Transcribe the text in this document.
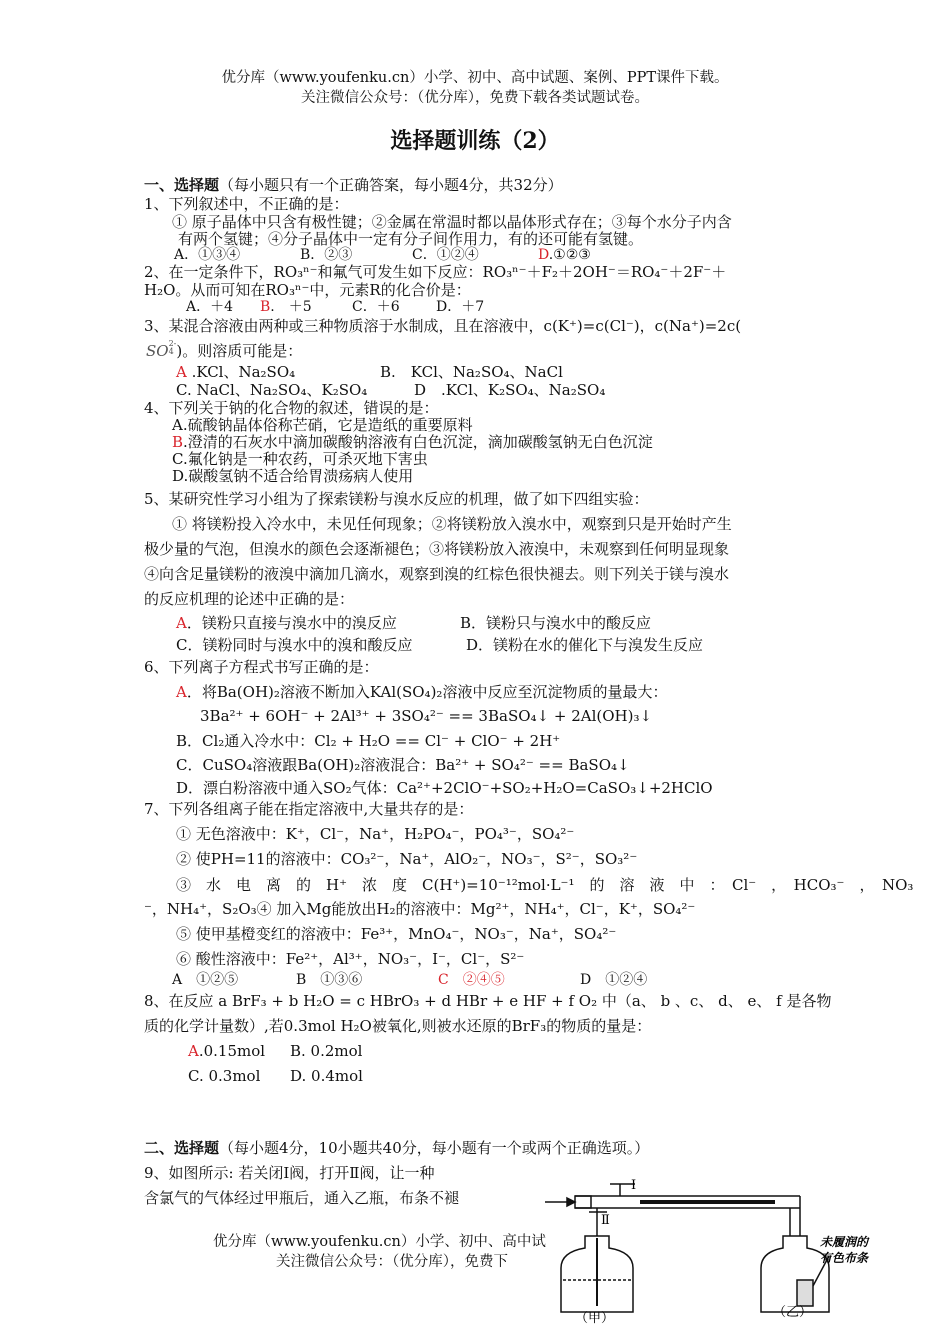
优分库（www.youfenku.cn）小学、初中、高中试题、案例、PPT课件下载。
关注微信公众号：（优分库），免费下载各类试题试卷。
选择题训练（2）
一、选择题（每小题只有一个正确答案，每小题4分，共32分）
1、下列叙述中，不正确的是：
① 原子晶体中只含有极性键；②金属在常温时都以晶体形式存在；③每个水分子内含
有两个氢键；④分子晶体中一定有分子间作用力，有的还可能有氢键。
A．①③④	B．②③	C．①②④	D.①②③
2、在一定条件下，RO₃ⁿ⁻和氟气可发生如下反应：RO₃ⁿ⁻＋F₂＋2OH⁻＝RO₄⁻＋2F⁻＋
H₂O。从而可知在RO₃ⁿ⁻中，元素R的化合价是：
A．＋4 B.　＋5	C．＋6	D．＋7
3、某混合溶液由两种或三种物质溶于水制成，且在溶液中，c(K⁺)=c(Cl⁻)，c(Na⁺)=2c(
SO2-
4 )。则溶质可能是：
A .KCl、Na₂SO₄	B.　KCl、Na₂SO₄、NaCl
C. NaCl、Na₂SO₄、K₂SO₄	D　.KCl、K₂SO₄、Na₂SO₄
4、下列关于钠的化合物的叙述，错误的是：
A.硫酸钠晶体俗称芒硝，它是造纸的重要原料
B.澄清的石灰水中滴加碳酸钠溶液有白色沉淀，滴加碳酸氢钠无白色沉淀
C.氟化钠是一种农药，可杀灭地下害虫
D.碳酸氢钠不适合给胃溃疡病人使用
5、某研究性学习小组为了探索镁粉与溴水反应的机理，做了如下四组实验：
① 将镁粉投入冷水中，未见任何现象；②将镁粉放入溴水中，观察到只是开始时产生
极少量的气泡，但溴水的颜色会逐渐褪色；③将镁粉放入液溴中，未观察到任何明显现象
④向含足量镁粉的液溴中滴加几滴水，观察到溴的红棕色很快褪去。则下列关于镁与溴水
的反应机理的论述中正确的是：
A．镁粉只直接与溴水中的溴反应	B．镁粉只与溴水中的酸反应
C．镁粉同时与溴水中的溴和酸反应	D．镁粉在水的催化下与溴发生反应
6、下列离子方程式书写正确的是：
A．将Ba(OH)₂溶液不断加入KAl(SO₄)₂溶液中反应至沉淀物质的量最大：
3Ba²⁺ + 6OH⁻ + 2Al³⁺ + 3SO₄²⁻ == 3BaSO₄↓ + 2Al(OH)₃↓
B．Cl₂通入冷水中：Cl₂ + H₂O == Cl⁻ + ClO⁻ + 2H⁺
C．CuSO₄溶液跟Ba(OH)₂溶液混合：Ba²⁺ + SO₄²⁻ == BaSO₄↓
D．漂白粉溶液中通入SO₂气体：Ca²⁺+2ClO⁻+SO₂+H₂O=CaSO₃↓+2HClO
7、下列各组离子能在指定溶液中,大量共存的是：
① 无色溶液中：K⁺，Cl⁻，Na⁺，H₂PO₄⁻，PO₄³⁻，SO₄²⁻
② 使PH=11的溶液中：CO₃²⁻，Na⁺，AlO₂⁻，NO₃⁻，S²⁻，SO₃²⁻
③　水　电　离　的　H⁺　浓　度　C(H⁺)=10⁻¹²mol·L⁻¹　的　溶　液　中　：　Cl⁻　，　HCO₃⁻　，　NO₃
⁻，NH₄⁺，S₂O₃④ 加入Mg能放出H₂的溶液中：Mg²⁺，NH₄⁺，Cl⁻，K⁺，SO₄²⁻
⑤ 使甲基橙变红的溶液中：Fe³⁺，MnO₄⁻，NO₃⁻，Na⁺，SO₄²⁻
⑥ 酸性溶液中：Fe²⁺，Al³⁺，NO₃⁻，I⁻，Cl⁻，S²⁻
A　①②⑤	B　①③⑥	C　②④⑤	D　①②④
8、在反应 a BrF₃ + b H₂O = c HBrO₃ + d HBr + e HF + f O₂ 中（a、 b 、c、 d、 e、 f 是各物
质的化学计量数）,若0.3mol H₂O被氧化,则被水还原的BrF₃的物质的量是：
A.0.15mol B. 0.2mol
C. 0.3mol D. 0.4mol
二、选择题（每小题4分，10小题共40分，每小题有一个或两个正确选项。）
9、如图所示: 若关闭Ⅰ阀，打开Ⅱ阀，让一种
含氯气的气体经过甲瓶后，通入乙瓶，布条不褪
优分库（www.youfenku.cn）小学、初中、高中试
关注微信公众号：（优分库），免费下
Ⅰ
Ⅱ
未履润的
有色布条
（甲）	（乙）
